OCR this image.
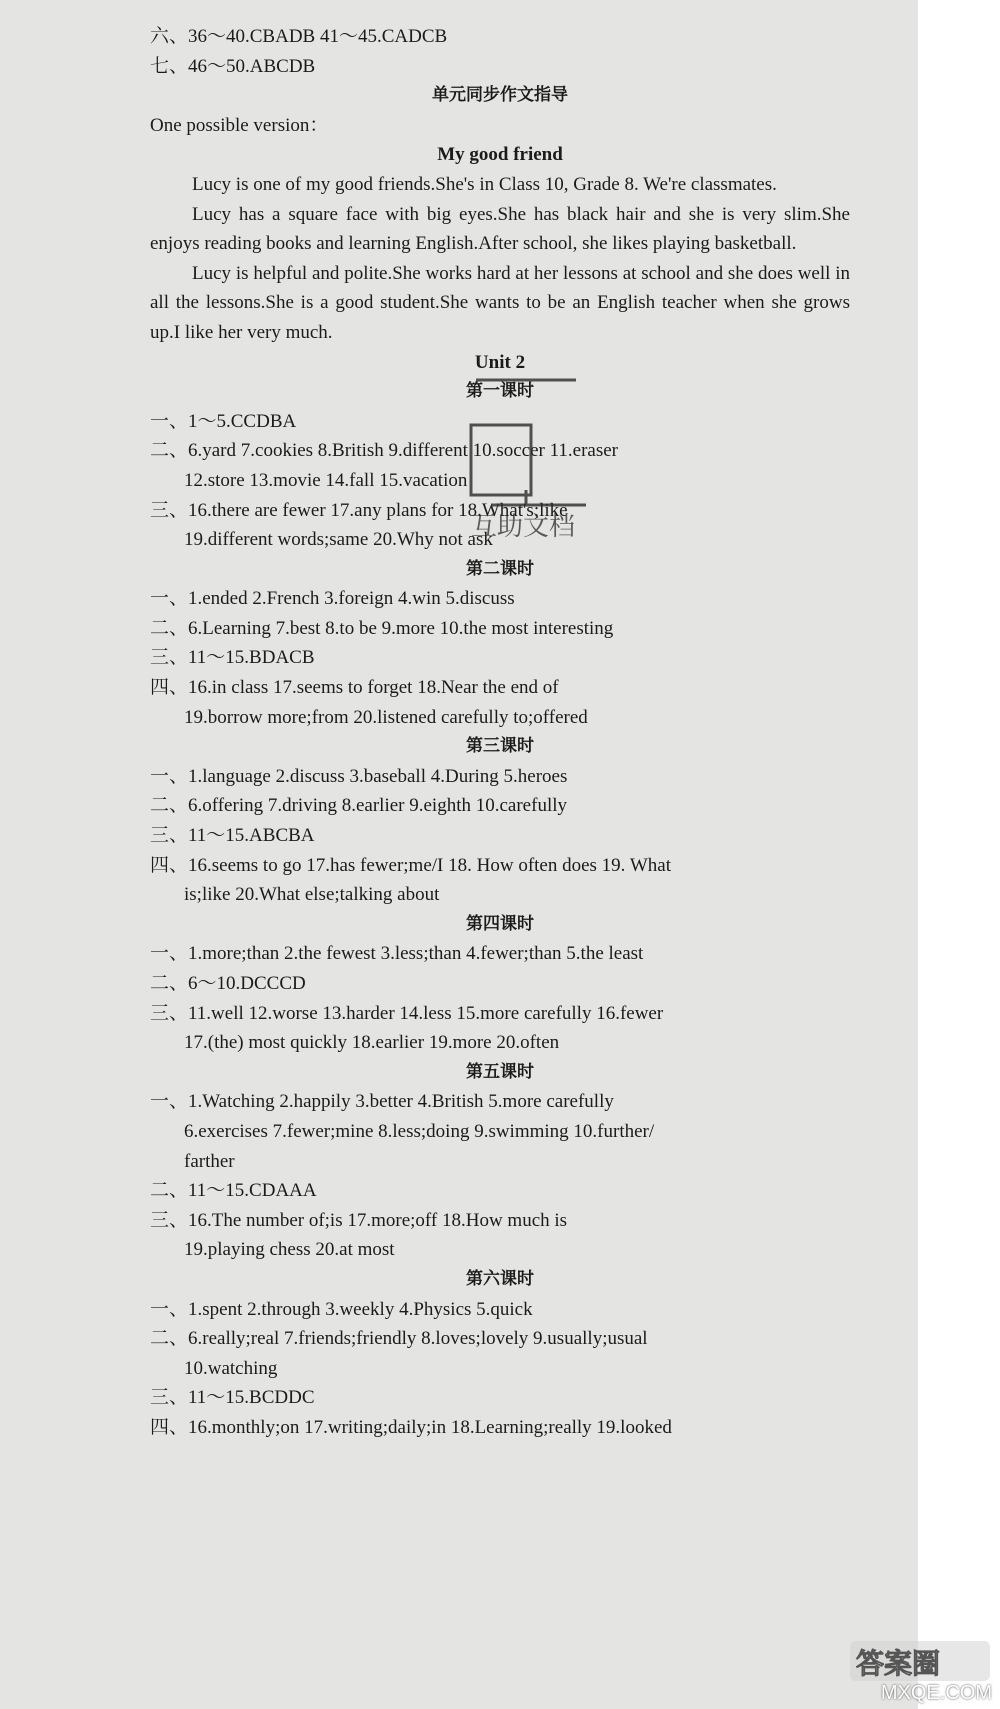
六、36～40.CBADB 41～45.CADCB
七、46～50.ABCDB
单元同步作文指导
One possible version：
My good friend
Lucy is one of my good friends.She's in Class 10, Grade 8. We're classmates.
Lucy has a square face with big eyes.She has black hair and she is very slim.She enjoys reading books and learning English.After school, she likes playing basketball.
Lucy is helpful and polite.She works hard at her lessons at school and she does well in all the lessons.She is a good student.She wants to be an English teacher when she grows up.I like her very much.
Unit 2
第一课时
一、1～5.CCDBA
二、6.yard 7.cookies 8.British 9.different 10.soccer 11.eraser
12.store 13.movie 14.fall 15.vacation
三、16.there are fewer 17.any plans for 18.What's;like
19.different words;same 20.Why not ask
第二课时
一、1.ended 2.French 3.foreign 4.win 5.discuss
二、6.Learning 7.best 8.to be 9.more 10.the most interesting
三、11～15.BDACB
四、16.in class 17.seems to forget 18.Near the end of
19.borrow more;from 20.listened carefully to;offered
第三课时
一、1.language 2.discuss 3.baseball 4.During 5.heroes
二、6.offering 7.driving 8.earlier 9.eighth 10.carefully
三、11～15.ABCBA
四、16.seems to go 17.has fewer;me/I 18. How often does 19. What
is;like 20.What else;talking about
第四课时
一、1.more;than 2.the fewest 3.less;than 4.fewer;than 5.the least
二、6～10.DCCCD
三、11.well 12.worse 13.harder 14.less 15.more carefully 16.fewer
17.(the) most quickly 18.earlier 19.more 20.often
第五课时
一、1.Watching 2.happily 3.better 4.British 5.more carefully
6.exercises 7.fewer;mine 8.less;doing 9.swimming 10.further/
farther
二、11～15.CDAAA
三、16.The number of;is 17.more;off 18.How much is
19.playing chess 20.at most
第六课时
一、1.spent 2.through 3.weekly 4.Physics 5.quick
二、6.really;real 7.friends;friendly 8.loves;lovely 9.usually;usual
10.watching
三、11～15.BCDDC
四、16.monthly;on 17.writing;daily;in 18.Learning;really 19.looked
互助文档
答案圈
MXQE.COM
